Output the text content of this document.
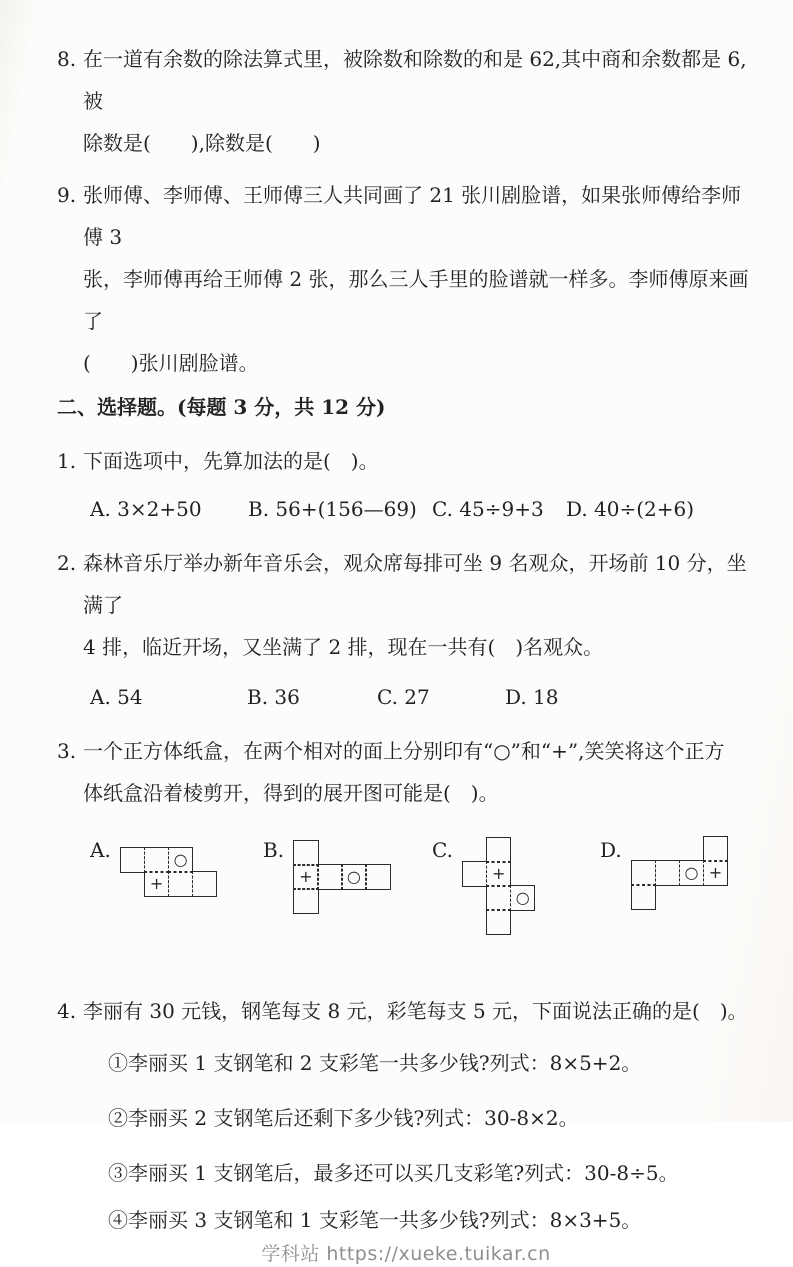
8. 在一道有余数的除法算式里，被除数和除数的和是 62,其中商和余数都是 6,被
除数是(　　),除数是(　　)
9. 张师傅、李师傅、王师傅三人共同画了 21 张川剧脸谱，如果张师傅给李师傅 3
张，李师傅再给王师傅 2 张，那么三人手里的脸谱就一样多。李师傅原来画了
(　　)张川剧脸谱。
二、选择题。(每题 3 分，共 12 分)
1. 下面选项中，先算加法的是(　)。
A. 3×2+50	B. 56+(156—69) C. 45÷9+3	D. 40÷(2+6)
2. 森林音乐厅举办新年音乐会，观众席每排可坐 9 名观众，开场前 10 分，坐满了
4 排，临近开场，又坐满了 2 排，现在一共有(　)名观众。
A. 54	B. 36	C. 27	D. 18
3. 一个正方体纸盒，在两个相对的面上分别印有“○”和“+”,笑笑将这个正方
体纸盒沿着棱剪开，得到的展开图可能是(　)。
A.	○
+
B.
+	○
C.
+
○
D.
○ +
4. 李丽有 30 元钱，钢笔每支 8 元，彩笔每支 5 元，下面说法正确的是(　)。
①李丽买 1 支钢笔和 2 支彩笔一共多少钱?列式：8×5+2。
②李丽买 2 支钢笔后还剩下多少钱?列式：30-8×2。
③李丽买 1 支钢笔后，最多还可以买几支彩笔?列式：30-8÷5。
④李丽买 3 支钢笔和 1 支彩笔一共多少钱?列式：8×3+5。
学科站 https://xueke.tuikar.cn
